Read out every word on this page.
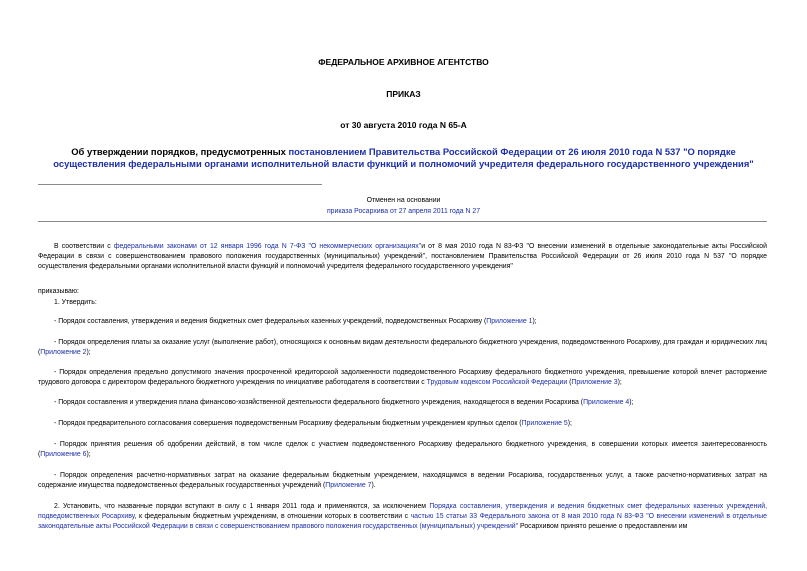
ФЕДЕРАЛЬНОЕ АРХИВНОЕ АГЕНТСТВО
ПРИКАЗ
от 30 августа 2010 года N 65-А
Об утверждении порядков, предусмотренных постановлением Правительства Российской Федерации от 26 июля 2010 года N 537 "О порядке осуществления федеральными органами исполнительной власти функций и полномочий учредителя федерального государственного учреждения"
Отменен на основании
приказа Росархива от 27 апреля 2011 года N 27
В соответствии с федеральными законами от 12 января 1996 года N 7-ФЗ "О некоммерческих организациях"и от 8 мая 2010 года N 83-ФЗ "О внесении изменений в отдельные законодательные акты Российской Федерации в связи с совершенствованием правового положения государственных (муниципальных) учреждений", постановлением Правительства Российской Федерации от 26 июля 2010 года N 537 "О порядке осуществления федеральными органами исполнительной власти функций и полномочий учредителя федерального государственного учреждения"
приказываю:
1. Утвердить:
- Порядок составления, утверждения и ведения бюджетных смет федеральных казенных учреждений, подведомственных Росархиву (Приложение 1);
- Порядок определения платы за оказание услуг (выполнение работ), относящихся к основным видам деятельности федерального бюджетного учреждения, подведомственного Росархиву, для граждан и юридических лиц (Приложение 2);
- Порядок определения предельно допустимого значения просроченной кредиторской задолженности подведомственного Росархиву федерального бюджетного учреждения, превышение которой влечет расторжение трудового договора с директором федерального бюджетного учреждения по инициативе работодателя в соответствии с Трудовым кодексом Российской Федерации (Приложение 3);
- Порядок составления и утверждения плана финансово-хозяйственной деятельности федерального бюджетного учреждения, находящегося в ведении Росархива (Приложение 4);
- Порядок предварительного согласования совершения подведомственным Росархиву федеральным бюджетным учреждением крупных сделок (Приложение 5);
- Порядок принятия решения об одобрении действий, в том числе сделок с участием подведомственного Росархиву федерального бюджетного учреждения, в совершении которых имеется заинтересованность (Приложение 6);
- Порядок определения расчетно-нормативных затрат на оказание федеральным бюджетным учреждением, находящимся в ведении Росархива, государственных услуг, а также расчетно-нормативных затрат на содержание имущества подведомственных федеральных государственных учреждений (Приложение 7).
2. Установить, что названные порядки вступают в силу с 1 января 2011 года и применяются, за исключением Порядка составления, утверждения и ведения бюджетных смет федеральных казенных учреждений, подведомственных Росархиву, к федеральным бюджетным учреждениям, в отношении которых в соответствии с частью 15 статьи 33 Федерального закона от 8 мая 2010 года N 83-ФЗ "О внесении изменений в отдельные законодательные акты Российской Федерации в связи с совершенствованием правового положения государственных (муниципальных) учреждений" Росархивом принято решение о предоставлении им
